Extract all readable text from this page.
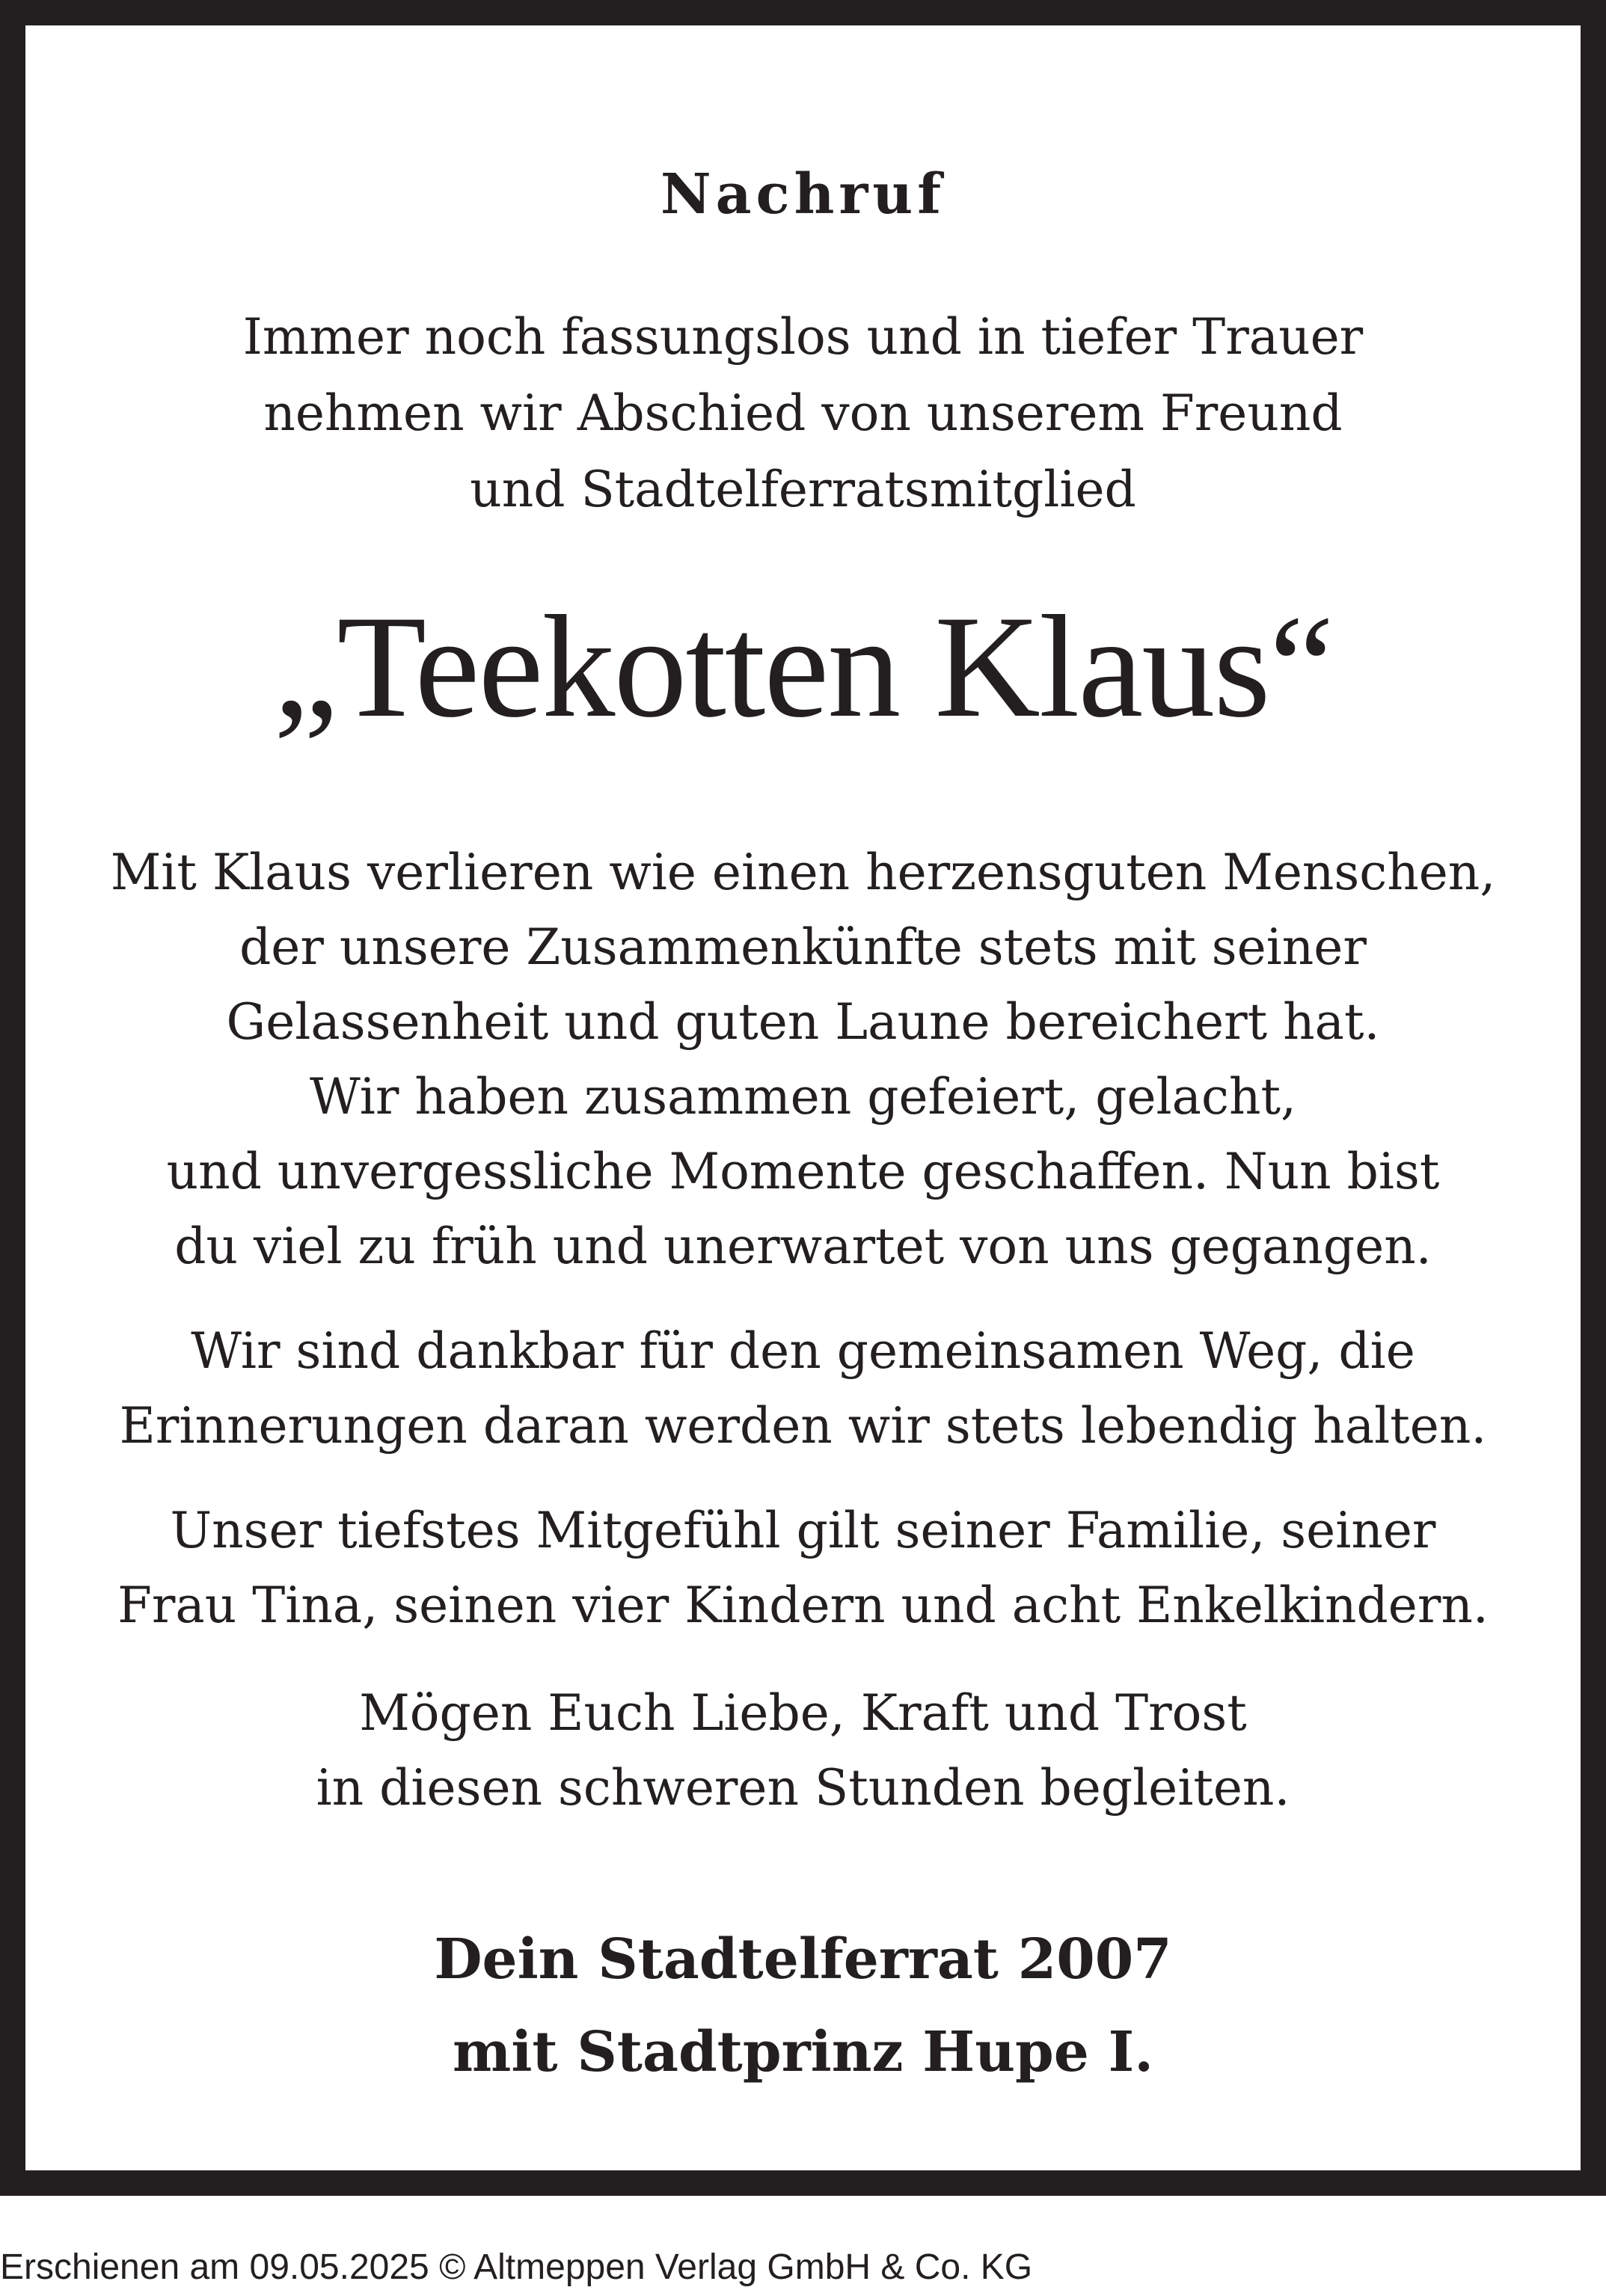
Nachruf
Immer noch fassungslos und in tiefer Trauer
nehmen wir Abschied von unserem Freund
und Stadtelferratsmitglied
„Teekotten Klaus“
Mit Klaus verlieren wie einen herzensguten Menschen,
der unsere Zusammenkünfte stets mit seiner
Gelassenheit und guten Laune bereichert hat.
Wir haben zusammen gefeiert, gelacht,
und unvergessliche Momente geschaffen. Nun bist
du viel zu früh und unerwartet von uns gegangen.
Wir sind dankbar für den gemeinsamen Weg, die
Erinnerungen daran werden wir stets lebendig halten.
Unser tiefstes Mitgefühl gilt seiner Familie, seiner
Frau Tina, seinen vier Kindern und acht Enkelkindern.
Mögen Euch Liebe, Kraft und Trost
in diesen schweren Stunden begleiten.
Dein Stadtelferrat 2007
mit Stadtprinz Hupe I.
Erschienen am 09.05.2025 © Altmeppen Verlag GmbH & Co. KG
